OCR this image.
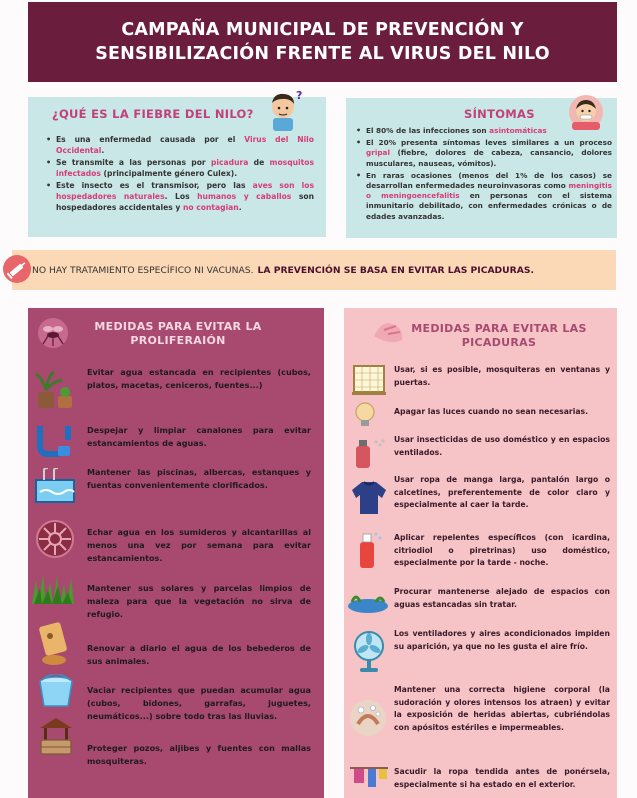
CAMPAÑA MUNICIPAL DE PREVENCIÓN Y
SENSIBILIZACIÓN FRENTE AL VIRUS DEL NILO
¿QUÉ ES LA FIEBRE DEL NILO?
?
• Es una enfermedad causada por el Virus del Nilo Occidental.
• Se transmite a las personas por picadura de mosquitos infectados (principalmente género Culex).
• Este insecto es el transmisor, pero las aves son los hospedadores naturales. Los humanos y caballos son hospedadores accidentales y no contagian.
SÍNTOMAS
• El 80% de las infecciones son asintomáticas
• El 20% presenta síntomas leves similares a un proceso gripal (fiebre, dolores de cabeza, cansancio, dolores musculares, nauseas, vómitos).
• En raras ocasiones (menos del 1% de los casos) se desarrollan enfermedades neuroinvasoras como meningitis o meningoencefalitis en personas con el sistema inmunitario debilitado, con enfermedades crónicas o de edades avanzadas.
NO HAY TRATAMIENTO ESPECÍFICO NI VACUNAS. LA PREVENCIÓN SE BASA EN EVITAR LAS PICADURAS.
MEDIDAS PARA EVITAR LA PROLIFERAIÓN
Evitar agua estancada en recipientes (cubos, platos, macetas, ceniceros, fuentes...)
Despejar y limpiar canalones para evitar estancamientos de aguas.
Mantener las piscinas, albercas, estanques y fuentas convenientemente clorificados.
Echar agua en los sumideros y alcantarillas al menos una vez por semana para evitar estancamientos.
Mantener sus solares y parcelas limpios de maleza para que la vegetación no sirva de refugio.
Renovar a diario el agua de los bebederos de sus animales.
Vaciar recipientes que puedan acumular agua (cubos, bidones, garrafas, juguetes, neumáticos...) sobre todo tras las lluvias.
Proteger pozos, aljibes y fuentes con mallas mosquiteras.
MEDIDAS PARA EVITAR LAS PICADURAS
Usar, si es posible, mosquiteras en ventanas y puertas.
Apagar las luces cuando no sean necesarias.
Usar insecticidas de uso doméstico y en espacios ventilados.
Usar ropa de manga larga, pantalón largo o calcetines, preferentemente de color claro y especialmente al caer la tarde.
Aplicar repelentes específicos (con icardina, citriodiol o piretrinas) uso doméstico, especialmente por la tarde - noche.
Procurar mantenerse alejado de espacios con aguas estancadas sin tratar.
Los ventiladores y aires acondicionados impiden su aparición, ya que no les gusta el aire frío.
Mantener una correcta higiene corporal (la sudoración y olores intensos los atraen) y evitar la exposición de heridas abiertas, cubriéndolas con apósitos estériles e impermeables.
Sacudir la ropa tendida antes de ponérsela, especialmente si ha estado en el exterior.
